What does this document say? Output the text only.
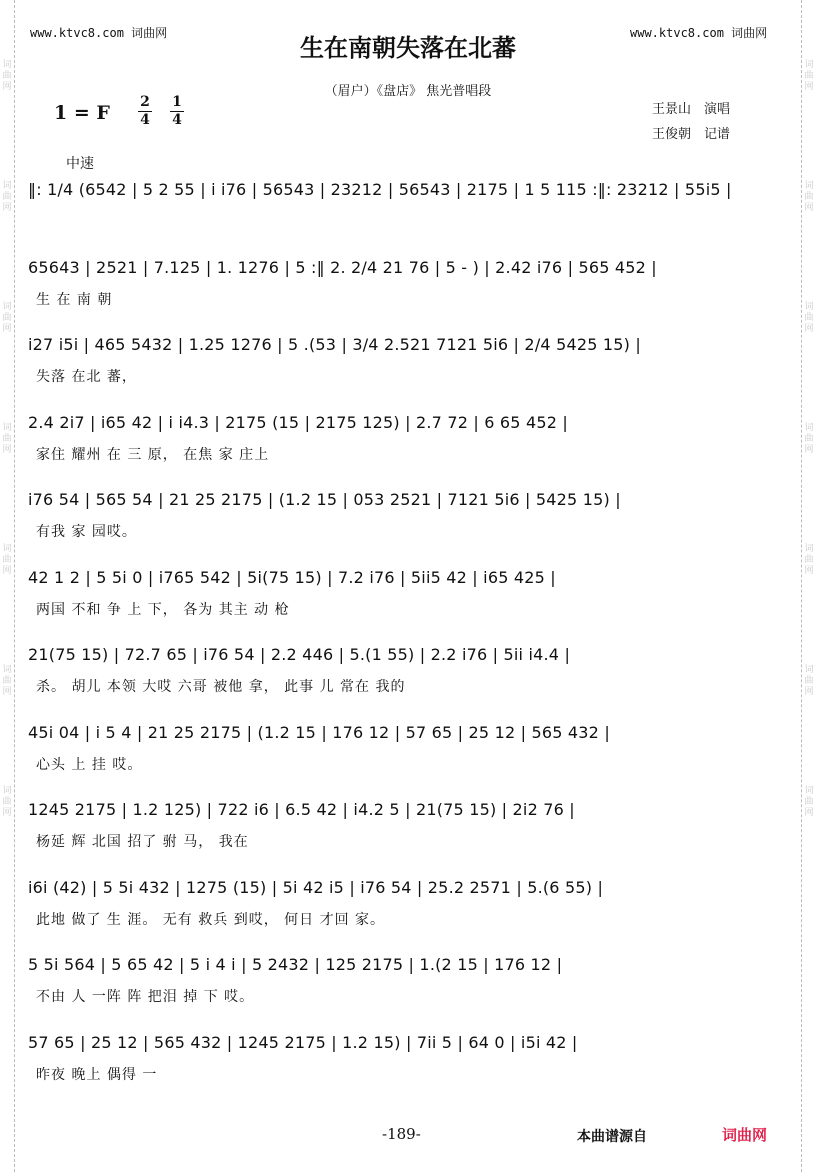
词
曲
网

词
曲
网

词
曲
网

词
曲
网

词
曲
网

词
曲
网

词
曲
网
词
曲
网

词
曲
网

词
曲
网

词
曲
网

词
曲
网

词
曲
网

词
曲
网
www.ktvc8.com 词曲网	www.ktvc8.com 词曲网
生在南朝失落在北蕃
（眉户）《盘店》 焦光普唱段
1 = F $\frac{2}{4} \frac{1}{4}$	王景山　演唱
王俊朝　记谱
中速
‖: 1/4 (6542 | 5 2 55 | i i76 | 56543 | 23212 | 56543 | 2175 | 1 5 115 :‖: 23212 | 55i5 |
65643 | 2521 | 7.125 | 1. 1276 | 5 :‖ 2. 2/4 21 76 | 5 - ) | 2.42 i76 | 565 452 |
生 在 南 朝
i27 i5i | 465 5432 | 1.25 1276 | 5 .(53 | 3/4 2.521 7121 5i6 | 2/4 5425 15) |
失落 在北 蕃，
2.4 2i7 | i65 42 | i i4.3 | 2175 (15 | 2175 125) | 2.7 72 | 6 65 452 |
家住 耀州 在 三 原， 在焦 家 庄上
i76 54 | 565 54 | 21 25 2175 | (1.2 15 | 053 2521 | 7121 5i6 | 5425 15) |
有我 家 园哎。
42 1 2 | 5 5i 0 | i765 542 | 5i(75 15) | 7.2 i76 | 5ii5 42 | i65 425 |
两国 不和 争 上 下， 各为 其主 动 枪
21(75 15) | 72.7 65 | i76 54 | 2.2 446 | 5.(1 55) | 2.2 i76 | 5ii i4.4 |
杀。 胡儿 本领 大哎 六哥 被他 拿， 此事 儿 常在 我的
45i 04 | i 5 4 | 21 25 2175 | (1.2 15 | 176 12 | 57 65 | 25 12 | 565 432 |
心头 上 挂 哎。
1245 2175 | 1.2 125) | 722 i6 | 6.5 42 | i4.2 5 | 21(75 15) | 2i2 76 |
杨延 辉 北国 招了 驸 马， 我在
i6i (42) | 5 5i 432 | 1275 (15) | 5i 42 i5 | i76 54 | 25.2 2571 | 5.(6 55) |
此地 做了 生 涯。 无有 救兵 到哎， 何日 才回 家。
5 5i 564 | 5 65 42 | 5 i 4 i | 5 2432 | 125 2175 | 1.(2 15 | 176 12 |
不由 人 一阵 阵 把泪 掉 下 哎。
57 65 | 25 12 | 565 432 | 1245 2175 | 1.2 15) | 7ii 5 | 64 0 | i5i 42 |
昨夜 晚上 偶得 一
-189-	本曲谱源自	词曲网
